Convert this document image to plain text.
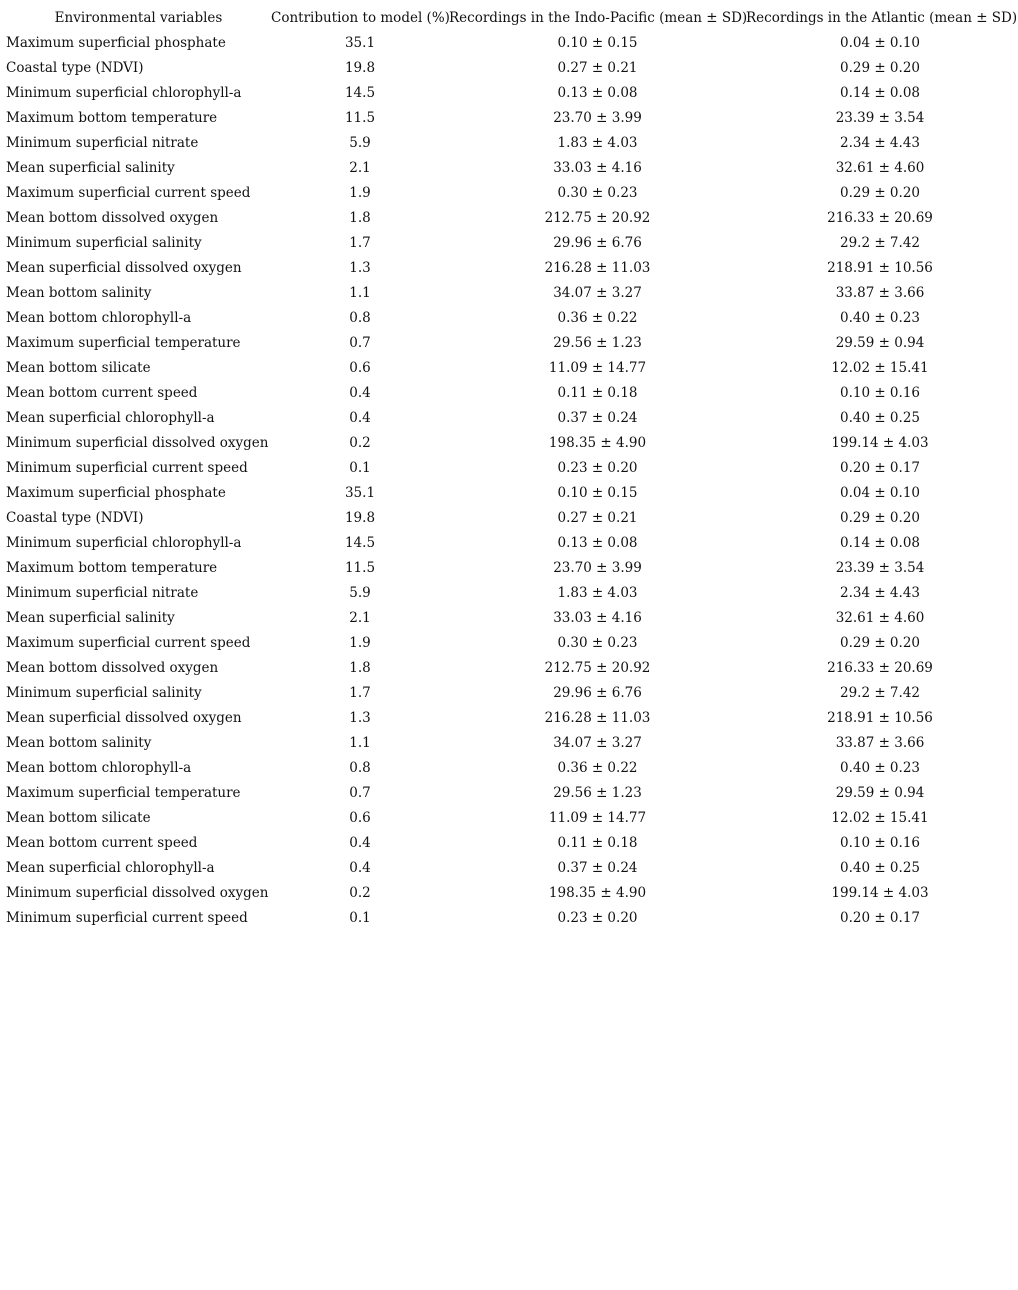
Environmental variables	Contribution to model (%)	Recordings in the Indo-Pacific (mean ± SD)	Recordings in the Atlantic (mean ± SD)
Maximum superficial phosphate	35.1	0.10 ± 0.15	0.04 ± 0.10
Coastal type (NDVI)	19.8	0.27 ± 0.21	0.29 ± 0.20
Minimum superficial chlorophyll-a	14.5	0.13 ± 0.08	0.14 ± 0.08
Maximum bottom temperature	11.5	23.70 ± 3.99	23.39 ± 3.54
Minimum superficial nitrate	5.9	1.83 ± 4.03	2.34 ± 4.43
Mean superficial salinity	2.1	33.03 ± 4.16	32.61 ± 4.60
Maximum superficial current speed	1.9	0.30 ± 0.23	0.29 ± 0.20
Mean bottom dissolved oxygen	1.8	212.75 ± 20.92	216.33 ± 20.69
Minimum superficial salinity	1.7	29.96 ± 6.76	29.2 ± 7.42
Mean superficial dissolved oxygen	1.3	216.28 ± 11.03	218.91 ± 10.56
Mean bottom salinity	1.1	34.07 ± 3.27	33.87 ± 3.66
Mean bottom chlorophyll-a	0.8	0.36 ± 0.22	0.40 ± 0.23
Maximum superficial temperature	0.7	29.56 ± 1.23	29.59 ± 0.94
Mean bottom silicate	0.6	11.09 ± 14.77	12.02 ± 15.41
Mean bottom current speed	0.4	0.11 ± 0.18	0.10 ± 0.16
Mean superficial chlorophyll-a	0.4	0.37 ± 0.24	0.40 ± 0.25
Minimum superficial dissolved oxygen	0.2	198.35 ± 4.90	199.14 ± 4.03
Minimum superficial current speed	0.1	0.23 ± 0.20	0.20 ± 0.17
Maximum superficial phosphate	35.1	0.10 ± 0.15	0.04 ± 0.10
Coastal type (NDVI)	19.8	0.27 ± 0.21	0.29 ± 0.20
Minimum superficial chlorophyll-a	14.5	0.13 ± 0.08	0.14 ± 0.08
Maximum bottom temperature	11.5	23.70 ± 3.99	23.39 ± 3.54
Minimum superficial nitrate	5.9	1.83 ± 4.03	2.34 ± 4.43
Mean superficial salinity	2.1	33.03 ± 4.16	32.61 ± 4.60
Maximum superficial current speed	1.9	0.30 ± 0.23	0.29 ± 0.20
Mean bottom dissolved oxygen	1.8	212.75 ± 20.92	216.33 ± 20.69
Minimum superficial salinity	1.7	29.96 ± 6.76	29.2 ± 7.42
Mean superficial dissolved oxygen	1.3	216.28 ± 11.03	218.91 ± 10.56
Mean bottom salinity	1.1	34.07 ± 3.27	33.87 ± 3.66
Mean bottom chlorophyll-a	0.8	0.36 ± 0.22	0.40 ± 0.23
Maximum superficial temperature	0.7	29.56 ± 1.23	29.59 ± 0.94
Mean bottom silicate	0.6	11.09 ± 14.77	12.02 ± 15.41
Mean bottom current speed	0.4	0.11 ± 0.18	0.10 ± 0.16
Mean superficial chlorophyll-a	0.4	0.37 ± 0.24	0.40 ± 0.25
Minimum superficial dissolved oxygen	0.2	198.35 ± 4.90	199.14 ± 4.03
Minimum superficial current speed	0.1	0.23 ± 0.20	0.20 ± 0.17
